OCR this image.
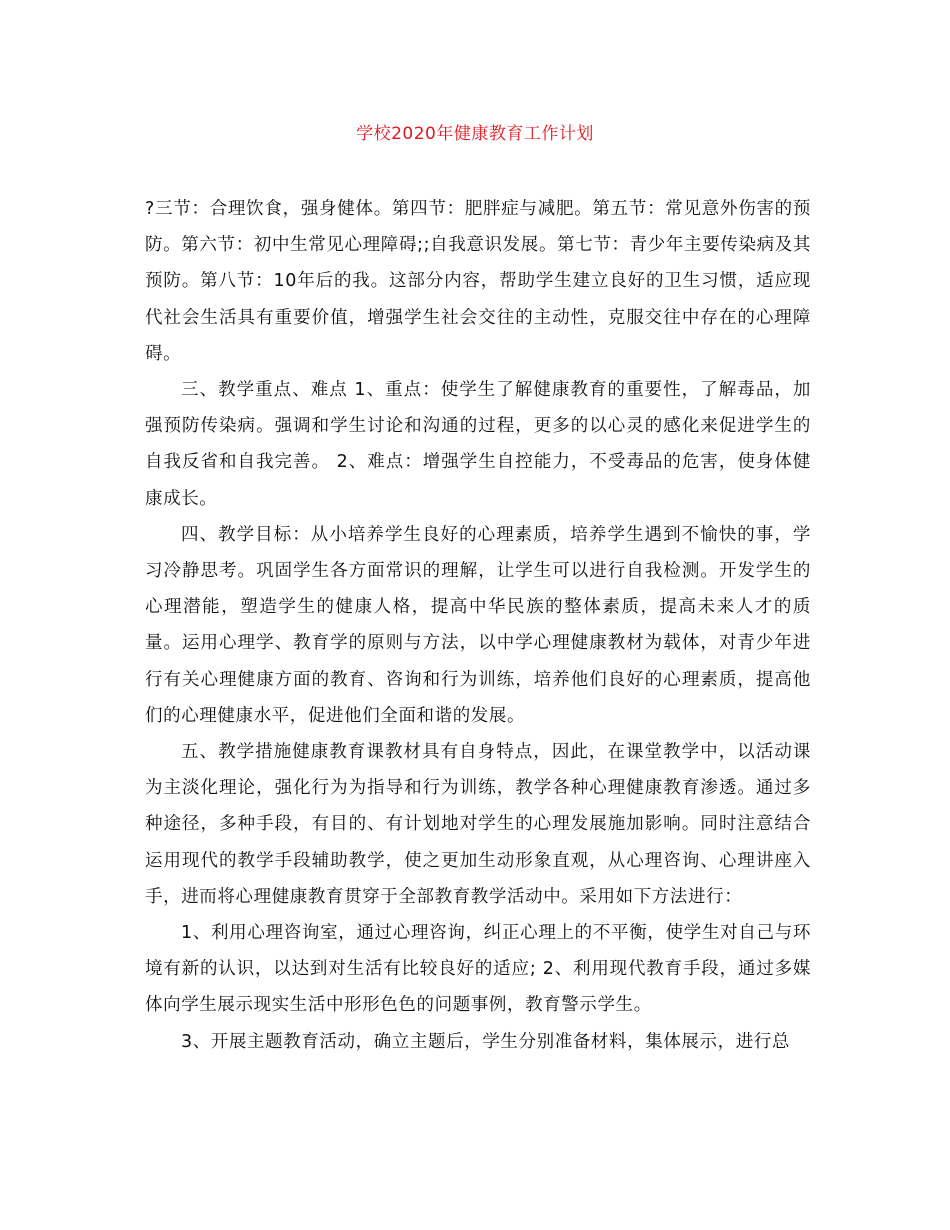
学校2020年健康教育工作计划

?三节：合理饮食，强身健体。第四节：肥胖症与减肥。第五节：常见意外伤害的预防。第六节：初中生常见心理障碍;;自我意识发展。第七节：青少年主要传染病及其预防。第八节：10年后的我。这部分内容，帮助学生建立良好的卫生习惯，适应现代社会生活具有重要价值，增强学生社会交往的主动性，克服交往中存在的心理障碍。

三、教学重点、难点 1、重点：使学生了解健康教育的重要性，了解毒品，加强预防传染病。强调和学生讨论和沟通的过程，更多的以心灵的感化来促进学生的自我反省和自我完善。 2、难点：增强学生自控能力，不受毒品的危害，使身体健康成长。

四、教学目标：从小培养学生良好的心理素质，培养学生遇到不愉快的事，学习冷静思考。巩固学生各方面常识的理解，让学生可以进行自我检测。开发学生的心理潜能，塑造学生的健康人格，提高中华民族的整体素质，提高未来人才的质量。运用心理学、教育学的原则与方法，以中学心理健康教材为载体，对青少年进行有关心理健康方面的教育、咨询和行为训练，培养他们良好的心理素质，提高他们的心理健康水平，促进他们全面和谐的发展。

五、教学措施健康教育课教材具有自身特点，因此，在课堂教学中，以活动课为主淡化理论，强化行为为指导和行为训练，教学各种心理健康教育渗透。通过多种途径，多种手段，有目的、有计划地对学生的心理发展施加影响。同时注意结合运用现代的教学手段辅助教学，使之更加生动形象直观，从心理咨询、心理讲座入手，进而将心理健康教育贯穿于全部教育教学活动中。采用如下方法进行：

1、利用心理咨询室，通过心理咨询，纠正心理上的不平衡，使学生对自己与环境有新的认识，以达到对生活有比较良好的适应; 2、利用现代教育手段，通过多媒体向学生展示现实生活中形形色色的问题事例，教育警示学生。

3、开展主题教育活动，确立主题后，学生分别准备材料，集体展示，进行总
